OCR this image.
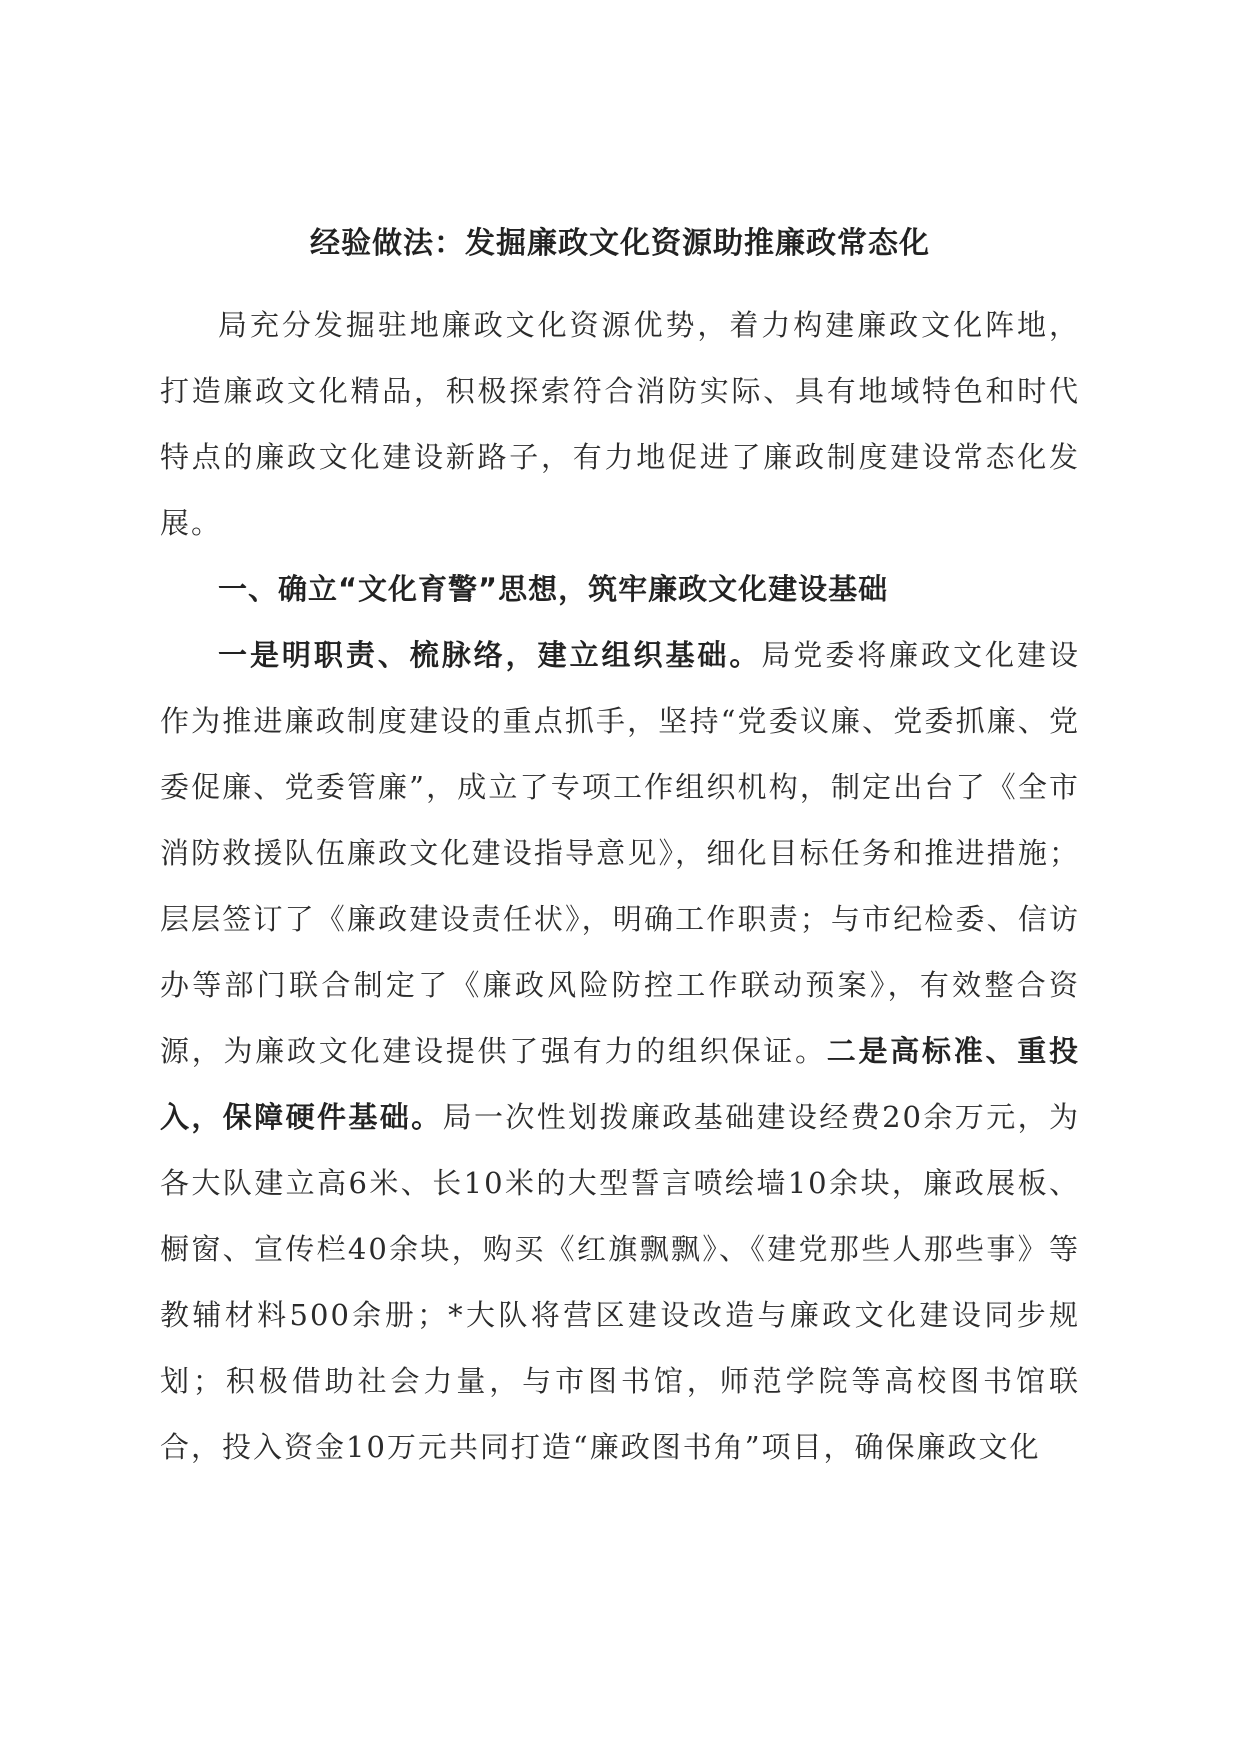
经验做法：发掘廉政文化资源助推廉政常态化

局充分发掘驻地廉政文化资源优势，着力构建廉政文化阵地，打造廉政文化精品，积极探索符合消防实际、具有地域特色和时代特点的廉政文化建设新路子，有力地促进了廉政制度建设常态化发展。

一、确立“文化育警”思想，筑牢廉政文化建设基础

一是明职责、梳脉络，建立组织基础。局党委将廉政文化建设作为推进廉政制度建设的重点抓手，坚持“党委议廉、党委抓廉、党委促廉、党委管廉”，成立了专项工作组织机构，制定出台了《全市消防救援队伍廉政文化建设指导意见》，细化目标任务和推进措施；层层签订了《廉政建设责任状》，明确工作职责；与市纪检委、信访办等部门联合制定了《廉政风险防控工作联动预案》，有效整合资源，为廉政文化建设提供了强有力的组织保证。二是高标准、重投入，保障硬件基础。局一次性划拨廉政基础建设经费20余万元，为各大队建立高6米、长10米的大型誓言喷绘墙10余块，廉政展板、橱窗、宣传栏40余块，购买《红旗飘飘》、《建党那些人那些事》等教辅材料500余册；*大队将营区建设改造与廉政文化建设同步规划；积极借助社会力量，与市图书馆，师范学院等高校图书馆联合，投入资金10万元共同打造“廉政图书角”项目，确保廉政文化
